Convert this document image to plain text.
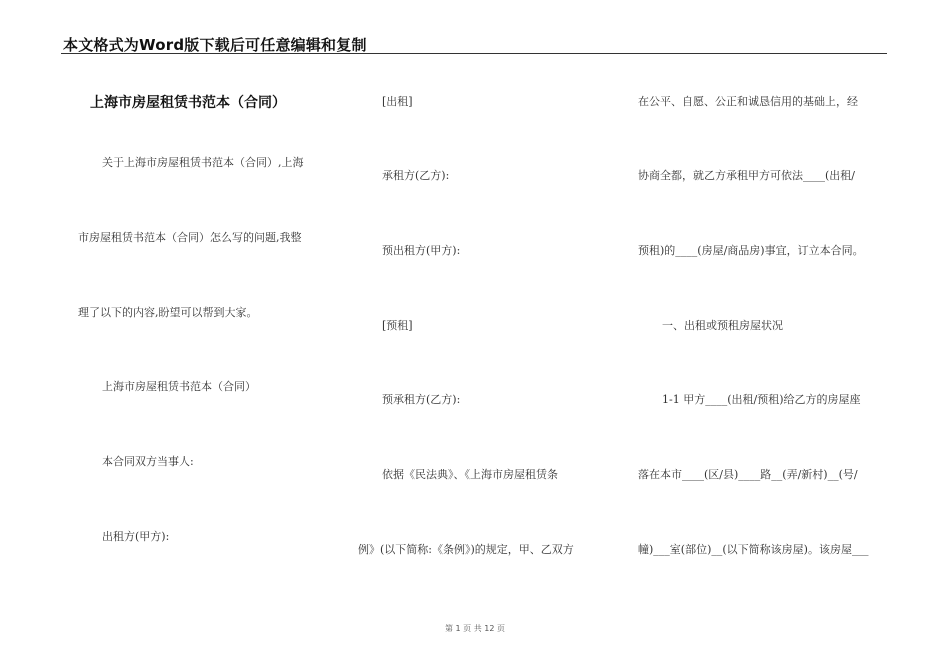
本文格式为Word版下载后可任意编辑和复制
上海市房屋租赁书范本（合同）
关于上海市房屋租赁书范本（合同）,上海
市房屋租赁书范本（合同）怎么写的问题,我整
理了以下的内容,盼望可以帮到大家。
上海市房屋租赁书范本（合同）
本合同双方当事人:
出租方(甲方):
[出租]
承租方(乙方):
预出租方(甲方):
[预租]
预承租方(乙方):
依据《民法典》、《上海市房屋租赁条
例》(以下简称:《条例》)的规定，甲、乙双方
在公平、自愿、公正和诚恳信用的基础上，经
协商全都，就乙方承租甲方可依法____(出租/
预租)的____(房屋/商品房)事宜，订立本合同。
一、出租或预租房屋状况
1-1 甲方____(出租/预租)给乙方的房屋座
落在本市____(区/县)____路__(弄/新村)__(号/
幢)___室(部位)__(以下简称该房屋)。该房屋___
第 1 页 共 12 页
